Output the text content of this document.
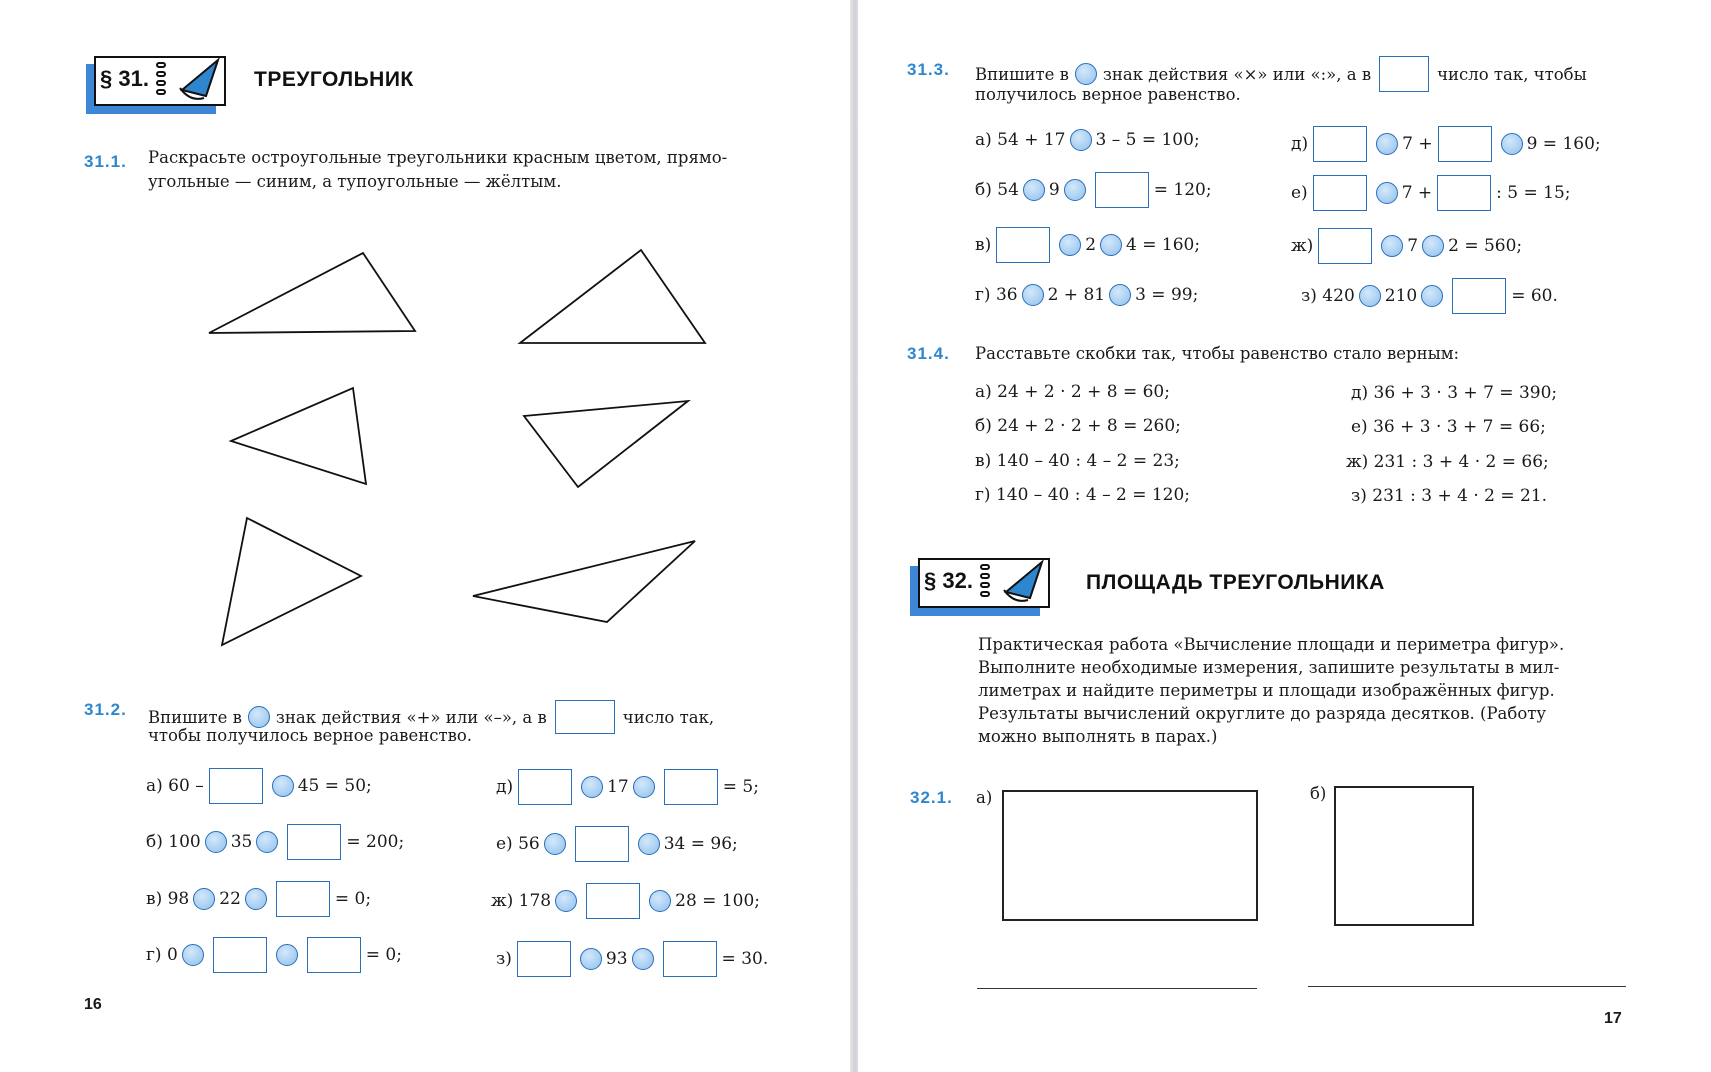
§ 31.	ТРЕУГОЛЬНИК
31.1. Раскрасьте остроугольные треугольники красным цветом, прямо-
угольные — синим, а тупоугольные — жёлтым.
31.2. Впишите в знак действия «+» или «–», а в	число так,
чтобы получилось верное равенство.
а) 60 –	45
= 50;
б) 100 35	= 200;
в) 98 22	= 0;
г) 0	= 0;
д)	17	= 5;
е) 56	34
= 96;
ж) 178	28
= 100;
з)	93	= 30.
16
31.3. Впишите в знак действия «×» или «:», а в	число так, чтобы
получилось верное равенство.
а) 54 + 17 3 – 5 = 100;
б) 54 9	= 120;
в)	2 4 = 160;
г) 36 2 + 81 3 = 99;
д)	7 +	9 = 160;
е)	7 +	: 5 = 15;
ж)	7 2 = 560;
з) 420 210	= 60.
31.4. Расставьте скобки так, чтобы равенство стало верным:
а) 24 + 2 · 2 + 8 = 60;
б) 24 + 2 · 2 + 8 = 260;
в) 140 – 40 : 4 – 2 = 23;
г) 140 – 40 : 4 – 2 = 120;
д) 36 + 3 · 3 + 7 = 390;
е) 36 + 3 · 3 + 7 = 66;
ж) 231 : 3 + 4 · 2 = 66;
з) 231 : 3 + 4 · 2 = 21.
§ 32.	ПЛОЩАДЬ ТРЕУГОЛЬНИКА
Практическая работа «Вычисление площади и периметра фигур».
Выполните необходимые измерения, запишите результаты в мил-
лиметрах и найдите периметры и площади изображённых фигур.
Результаты вычислений округлите до разряда десятков. (Работу
можно выполнять в парах.)
32.1. а)	б)
17
